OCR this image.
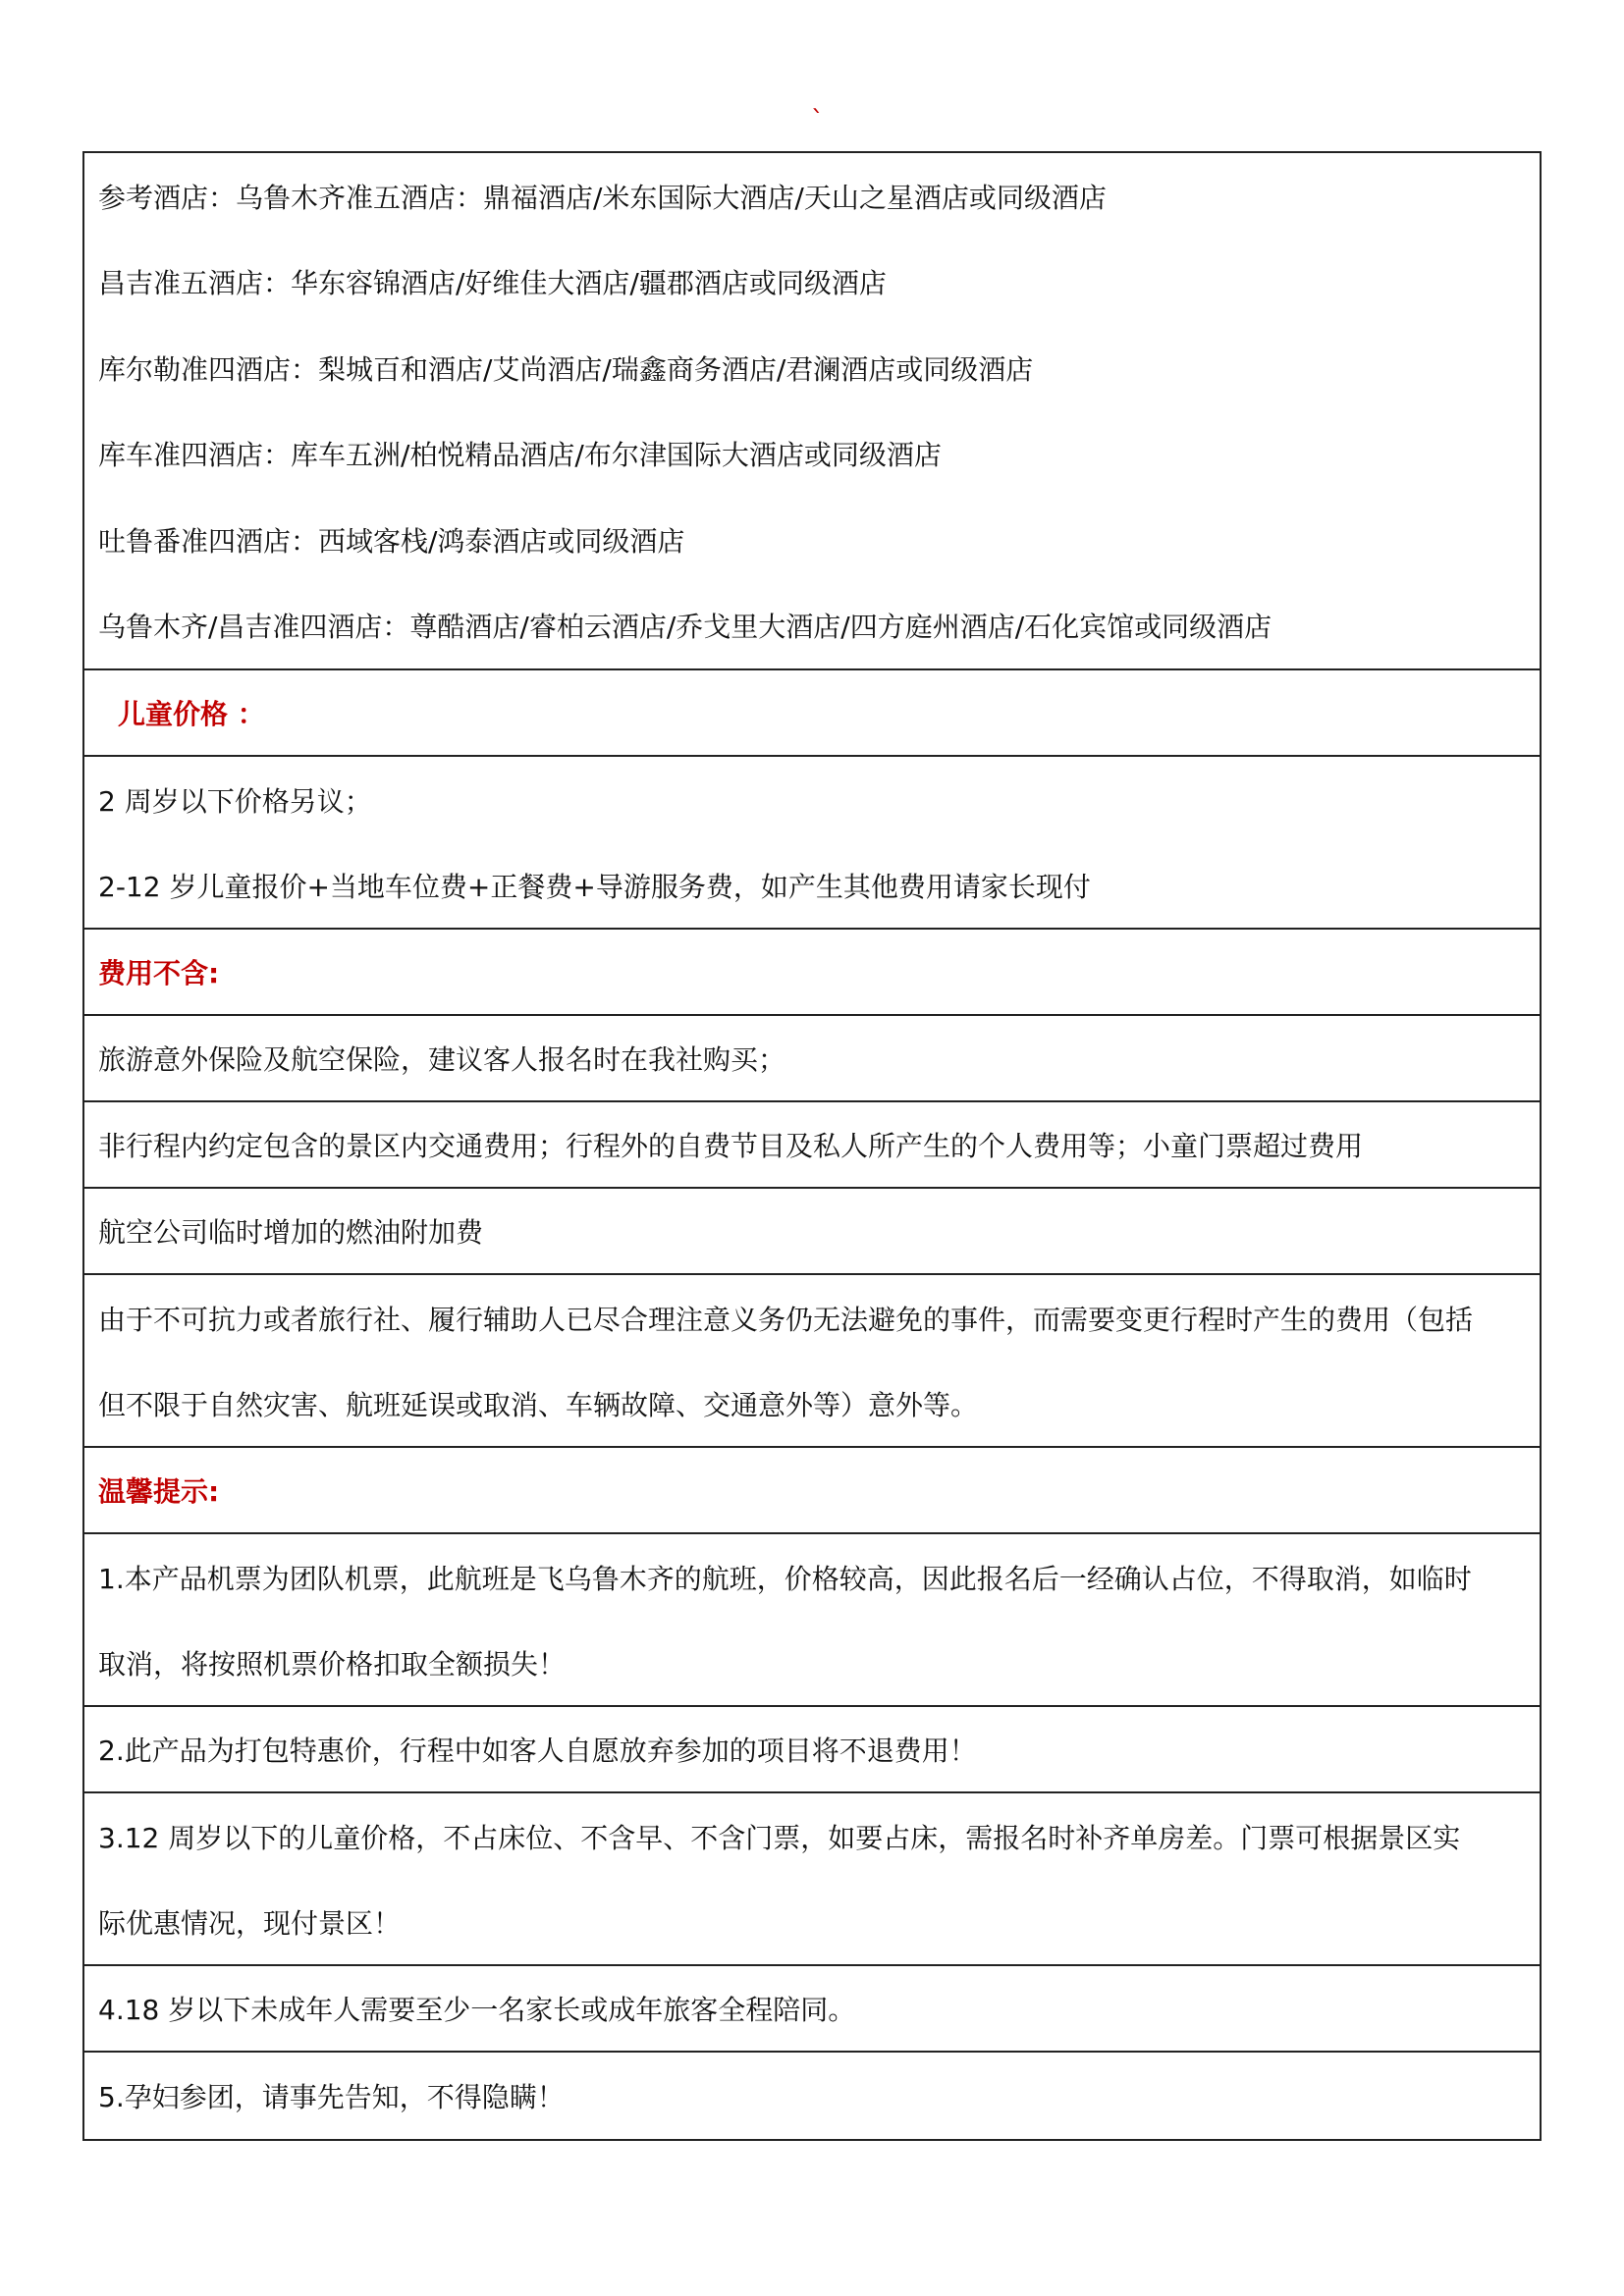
`
参考酒店：乌鲁木齐准五酒店：鼎福酒店/米东国际大酒店/天山之星酒店或同级酒店
昌吉准五酒店：华东容锦酒店/好维佳大酒店/疆郡酒店或同级酒店
库尔勒准四酒店：梨城百和酒店/艾尚酒店/瑞鑫商务酒店/君澜酒店或同级酒店
库车准四酒店：库车五洲/柏悦精品酒店/布尔津国际大酒店或同级酒店
吐鲁番准四酒店：西域客栈/鸿泰酒店或同级酒店
乌鲁木齐/昌吉准四酒店：尊酷酒店/睿柏云酒店/乔戈里大酒店/四方庭州酒店/石化宾馆或同级酒店
儿童价格 ：
2 周岁以下价格另议；
2-12 岁儿童报价+当地车位费+正餐费+导游服务费，如产生其他费用请家长现付
费用不含:
旅游意外保险及航空保险，建议客人报名时在我社购买；
非行程内约定包含的景区内交通费用；行程外的自费节目及私人所产生的个人费用等；小童门票超过费用
航空公司临时增加的燃油附加费
由于不可抗力或者旅行社、履行辅助人已尽合理注意义务仍无法避免的事件，而需要变更行程时产生的费用（包括
但不限于自然灾害、航班延误或取消、车辆故障、交通意外等）意外等。
温馨提示:
1.本产品机票为团队机票，此航班是飞乌鲁木齐的航班，价格较高，因此报名后一经确认占位，不得取消，如临时
取消，将按照机票价格扣取全额损失！
2.此产品为打包特惠价，行程中如客人自愿放弃参加的项目将不退费用！
3.12 周岁以下的儿童价格，不占床位、不含早、不含门票，如要占床，需报名时补齐单房差。门票可根据景区实
际优惠情况，现付景区！
4.18 岁以下未成年人需要至少一名家长或成年旅客全程陪同。
5.孕妇参团，请事先告知，不得隐瞒！
